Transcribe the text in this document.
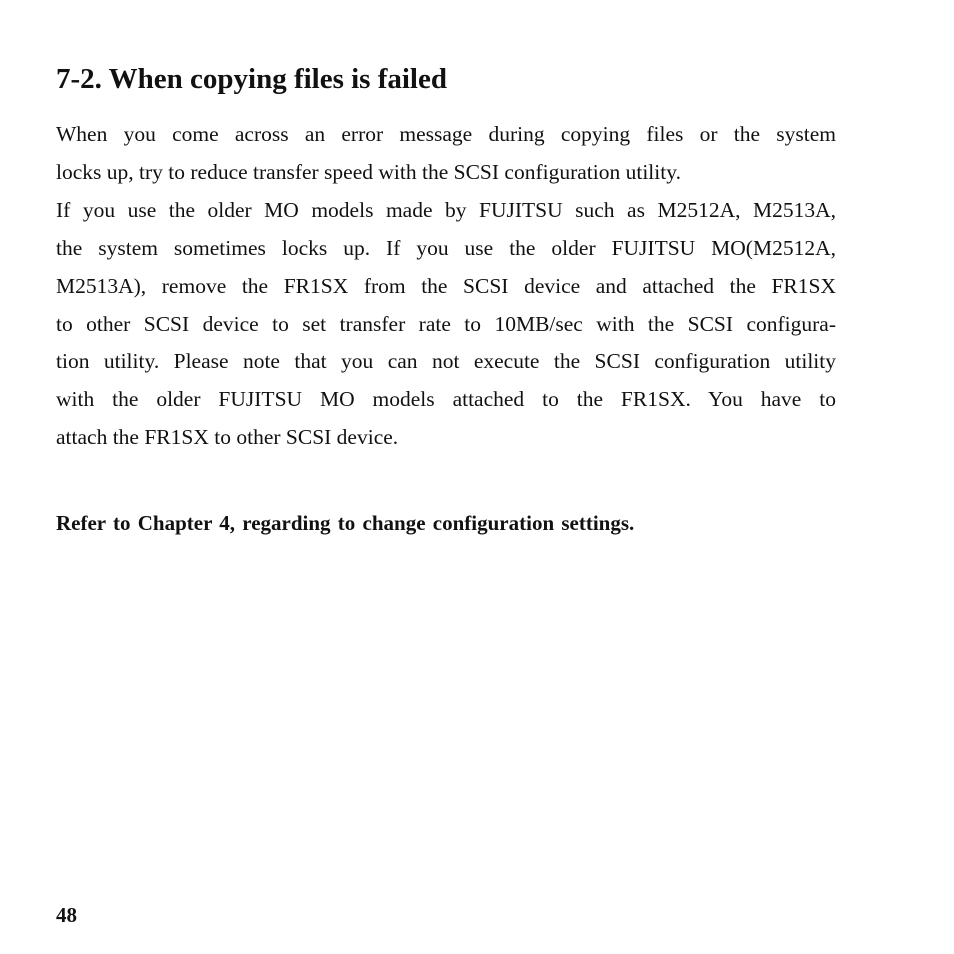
7-2. When copying files is failed
When you come across an error message during copying files or the system
locks up, try to reduce transfer speed with the SCSI configuration utility.
If you use the older MO models made by FUJITSU such as M2512A, M2513A,
the system sometimes locks up. If you use the older FUJITSU MO(M2512A,
M2513A), remove the FR1SX from the SCSI device and attached the FR1SX
to other SCSI device to set transfer rate to 10MB/sec with the SCSI configura-
tion utility. Please note that you can not execute the SCSI configuration utility
with the older FUJITSU MO models attached to the FR1SX. You have to
attach the FR1SX to other SCSI device.

Refer to Chapter 4, regarding to change configuration settings.

48
